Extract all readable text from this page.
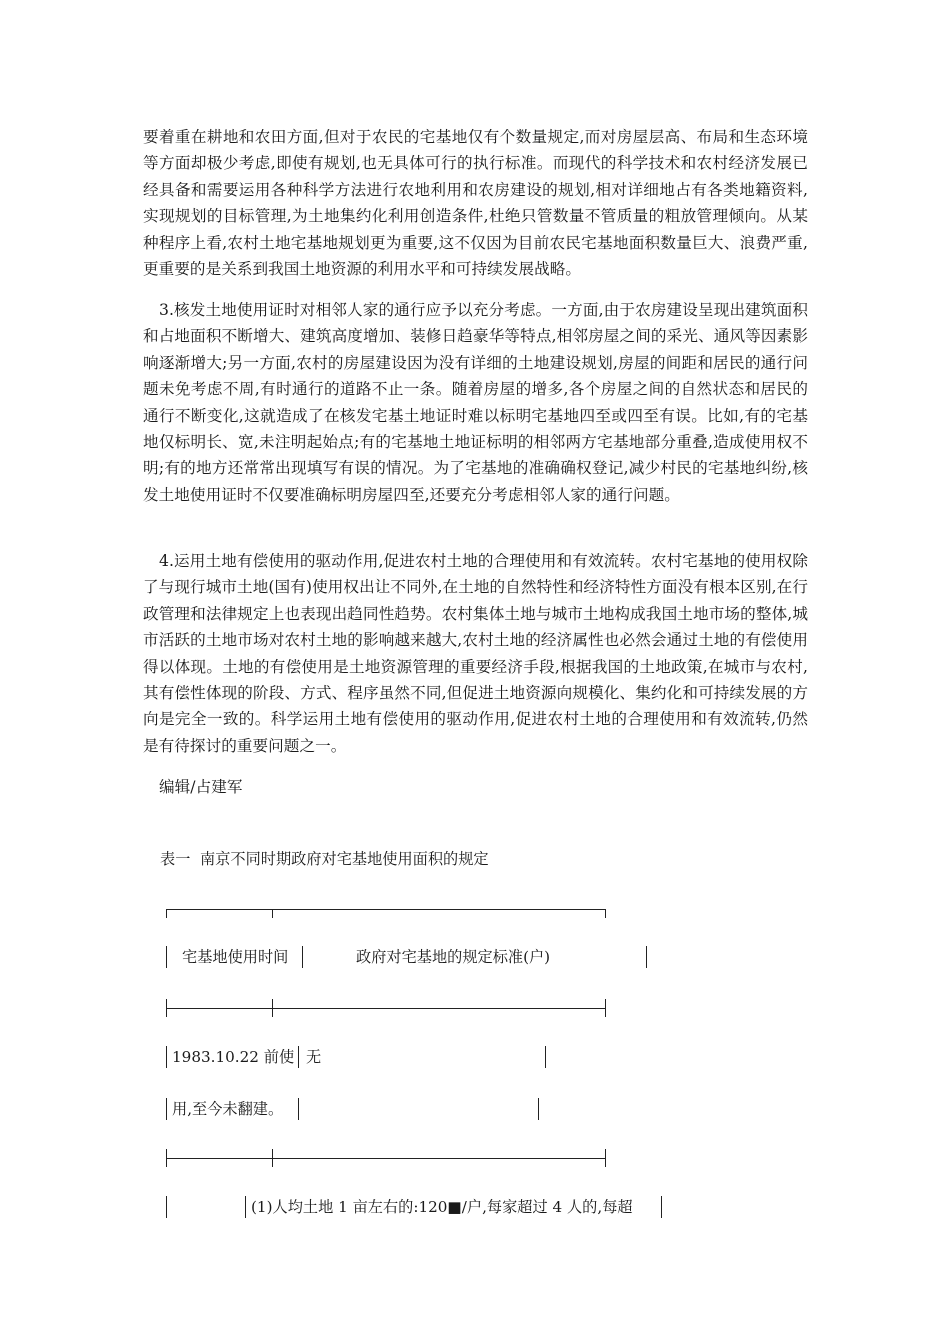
要着重在耕地和农田方面,但对于农民的宅基地仅有个数量规定,而对房屋层高、布局和生态环境等方面却极少考虑,即使有规划,也无具体可行的执行标准。而现代的科学技术和农村经济发展已经具备和需要运用各种科学方法进行农地利用和农房建设的规划,相对详细地占有各类地籍资料,实现规划的目标管理,为土地集约化利用创造条件,杜绝只管数量不管质量的粗放管理倾向。从某种程序上看,农村土地宅基地规划更为重要,这不仅因为目前农民宅基地面积数量巨大、浪费严重,更重要的是关系到我国土地资源的利用水平和可持续发展战略。

3.核发土地使用证时对相邻人家的通行应予以充分考虑。一方面,由于农房建设呈现出建筑面积和占地面积不断增大、建筑高度增加、装修日趋豪华等特点,相邻房屋之间的采光、通风等因素影响逐渐增大;另一方面,农村的房屋建设因为没有详细的土地建设规划,房屋的间距和居民的通行问题未免考虑不周,有时通行的道路不止一条。随着房屋的增多,各个房屋之间的自然状态和居民的通行不断变化,这就造成了在核发宅基土地证时难以标明宅基地四至或四至有误。比如,有的宅基地仅标明长、宽,未注明起始点;有的宅基地土地证标明的相邻两方宅基地部分重叠,造成使用权不明;有的地方还常常出现填写有误的情况。为了宅基地的准确确权登记,减少村民的宅基地纠纷,核发土地使用证时不仅要准确标明房屋四至,还要充分考虑相邻人家的通行问题。

4.运用土地有偿使用的驱动作用,促进农村土地的合理使用和有效流转。农村宅基地的使用权除了与现行城市土地(国有)使用权出让不同外,在土地的自然特性和经济特性方面没有根本区别,在行政管理和法律规定上也表现出趋同性趋势。农村集体土地与城市土地构成我国土地市场的整体,城市活跃的土地市场对农村土地的影响越来越大,农村土地的经济属性也必然会通过土地的有偿使用得以体现。土地的有偿使用是土地资源管理的重要经济手段,根据我国的土地政策,在城市与农村,其有偿性体现的阶段、方式、程序虽然不同,但促进土地资源向规模化、集约化和可持续发展的方向是完全一致的。科学运用土地有偿使用的驱动作用,促进农村土地的合理使用和有效流转,仍然是有待探讨的重要问题之一。

编辑/占建军

表一  南京不同时期政府对宅基地使用面积的规定
宅基地使用时间	政府对宅基地的规定标准(户)
1983.10.22 前使 无
用,至今未翻建。
(1)人均土地 1 亩左右的:120■/户,每家超过 4 人的,每超
